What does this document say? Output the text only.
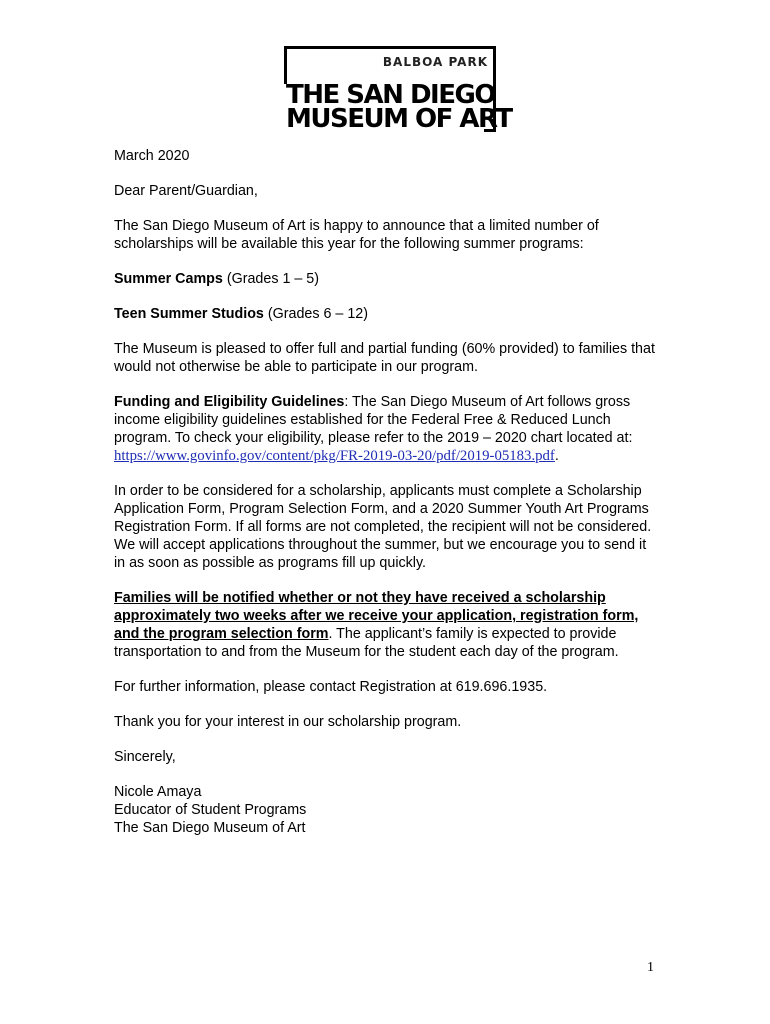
BALBOA PARK
THE SAN DIEGO
MUSEUM OF ART

March 2020

Dear Parent/Guardian,

The San Diego Museum of Art is happy to announce that a limited number of scholarships will be available this year for the following summer programs:

Summer Camps (Grades 1 – 5)

Teen Summer Studios (Grades 6 – 12)

The Museum is pleased to offer full and partial funding (60% provided) to families that would not otherwise be able to participate in our program.

Funding and Eligibility Guidelines: The San Diego Museum of Art follows gross income eligibility guidelines established for the Federal Free & Reduced Lunch program. To check your eligibility, please refer to the 2019 – 2020 chart located at: https://www.govinfo.gov/content/pkg/FR-2019-03-20/pdf/2019-05183.pdf.

In order to be considered for a scholarship, applicants must complete a Scholarship Application Form, Program Selection Form, and a 2020 Summer Youth Art Programs Registration Form. If all forms are not completed, the recipient will not be considered. We will accept applications throughout the summer, but we encourage you to send it in as soon as possible as programs fill up quickly.

Families will be notified whether or not they have received a scholarship approximately two weeks after we receive your application, registration form, and the program selection form. The applicant’s family is expected to provide transportation to and from the Museum for the student each day of the program.

For further information, please contact Registration at 619.696.1935.

Thank you for your interest in our scholarship program.

Sincerely,

Nicole Amaya

Educator of Student Programs

The San Diego Museum of Art

1
